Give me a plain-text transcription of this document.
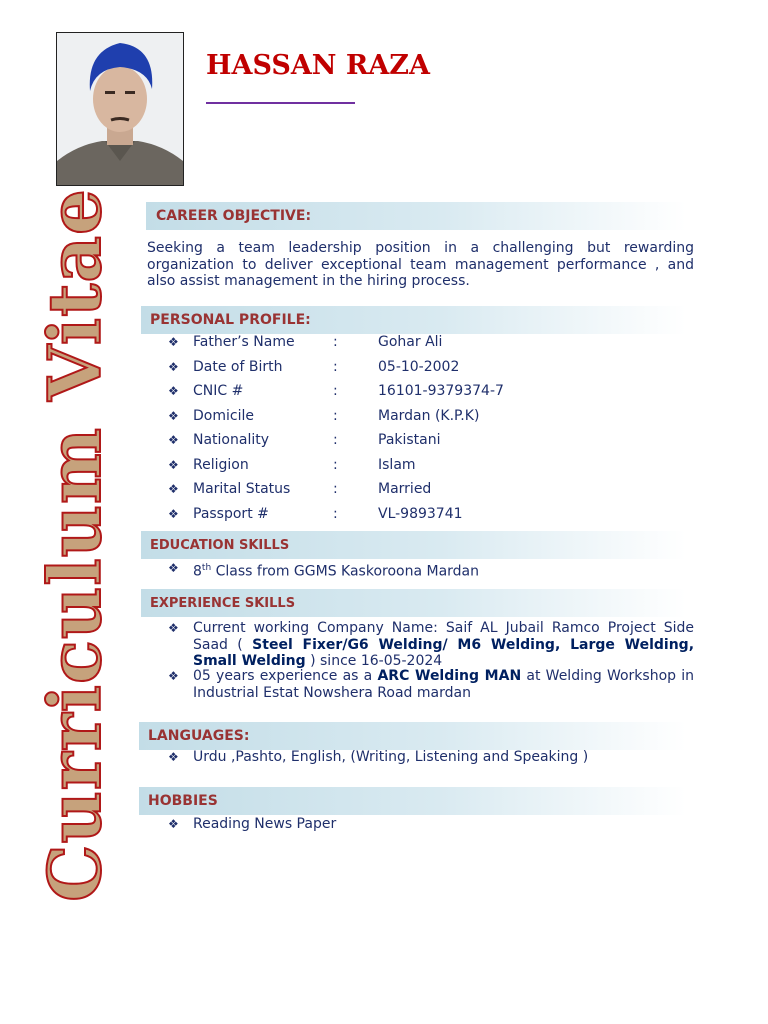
HASSAN RAZA
Curriculum Vitae	CAREER OBJECTIVE:

Seeking a team leadership position in a challenging but rewarding organization to deliver exceptional team management performance , and also assist management in the hiring process.

PERSONAL PROFILE:
❖	Father’s Name	:	Gohar Ali
❖	Date of Birth	:	05-10-2002
❖	CNIC #	:	16101-9379374-7
❖	Domicile	:	Mardan (K.P.K)
❖	Nationality	:	Pakistani
❖	Religion	:	Islam
❖	Marital Status	:	Married
❖	Passport #	:	VL-9893741
EDUCATION SKILLS
❖	8th Class from GGMS Kaskoroona Mardan
EXPERIENCE SKILLS
❖	Current working Company Name: Saif AL Jubail Ramco Project Side Saad ( Steel Fixer/G6 Welding/ M6 Welding, Large Welding, Small Welding ) since 16-05-2024
❖	05 years experience as a ARC Welding MAN at Welding Workshop in Industrial Estat Nowshera Road mardan
LANGUAGES:
❖	Urdu ,Pashto, English, (Writing, Listening and Speaking )
HOBBIES
❖	Reading News Paper
